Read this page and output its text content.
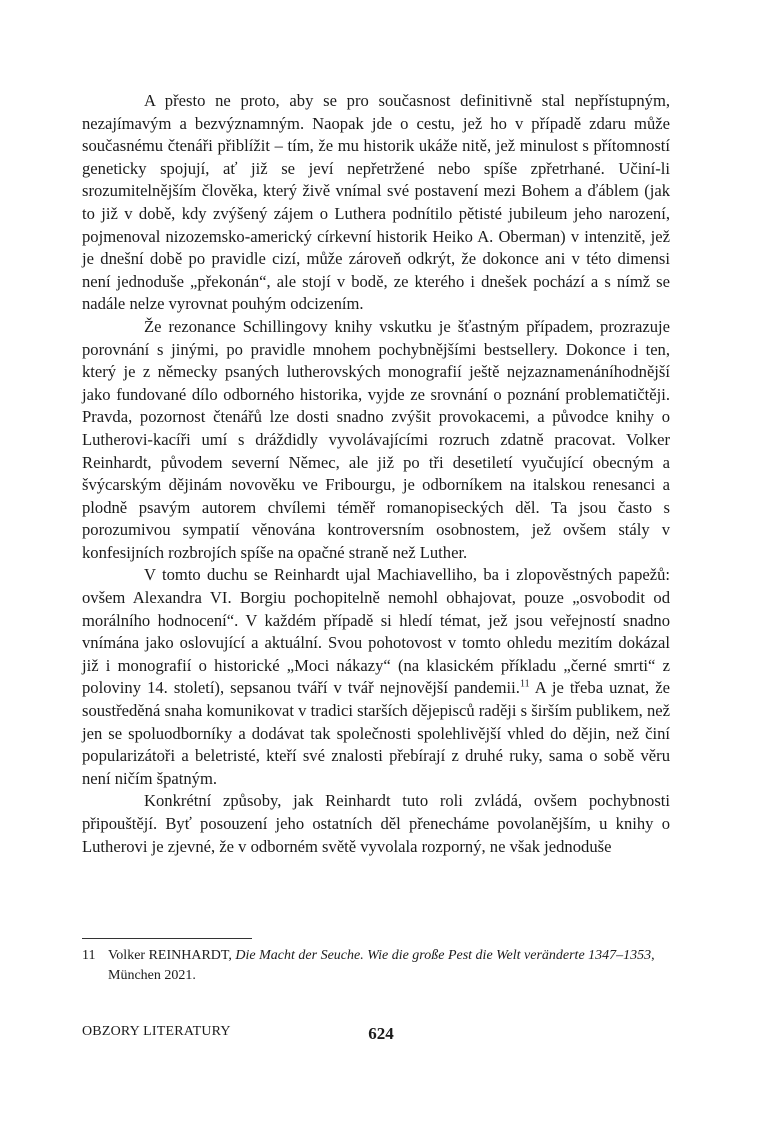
A přesto ne proto, aby se pro současnost definitivně stal nepřístupným, nezajímavým a bezvýznamným. Naopak jde o cestu, jež ho v případě zdaru může současnému čtenáři přiblížit – tím, že mu historik ukáže nitě, jež minulost s přítomností geneticky spojují, ať již se jeví nepřetržené nebo spíše zpřetrhané. Učiní-li srozumitelnějším člověka, který živě vnímal své postavení mezi Bohem a ďáblem (jak to již v době, kdy zvýšený zájem o Luthera podnítilo pětisté jubileum jeho narození, pojmenoval nizozemsko-americký církevní historik Heiko A. Oberman) v intenzitě, jež je dnešní době po pravidle cizí, může zároveň odkrýt, že dokonce ani v této dimensi není jednoduše „překonán“, ale stojí v bodě, ze kterého i dnešek pochází a s nímž se nadále nelze vyrovnat pouhým odcizením.

Že rezonance Schillingovy knihy vskutku je šťastným případem, prozrazuje porovnání s jinými, po pravidle mnohem pochybnějšími bestsellery. Dokonce i ten, který je z německy psaných lutherovských monografií ještě nejzaznamenáníhodnější jako fundované dílo odborného historika, vyjde ze srovnání o poznání problematičtěji. Pravda, pozornost čtenářů lze dosti snadno zvýšit provokacemi, a původce knihy o Lutherovi-kacíři umí s dráždidly vyvolávajícími rozruch zdatně pracovat. Volker Reinhardt, původem severní Němec, ale již po tři desetiletí vyučující obecným a švýcarským dějinám novověku ve Fribourgu, je odborníkem na italskou renesanci a plodně psavým autorem chvílemi téměř romanopiseckých děl. Ta jsou často s porozumivou sympatií věnována kontroversním osobnostem, jež ovšem stály v konfesijních rozbrojích spíše na opačné straně než Luther.

V tomto duchu se Reinhardt ujal Machiavelliho, ba i zlopověstných papežů: ovšem Alexandra VI. Borgiu pochopitelně nemohl obhajovat, pouze „osvobodit od morálního hodnocení“. V každém případě si hledí témat, jež jsou veřejností snadno vnímána jako oslovující a aktuální. Svou pohotovost v tomto ohledu mezitím dokázal již i monografií o historické „Moci nákazy“ (na klasickém příkladu „černé smrti“ z poloviny 14. století), sepsanou tváří v tvář nejnovější pandemii.$^{11}$ A je třeba uznat, že soustředěná snaha komunikovat v tradici starších dějepisců raději s širším publikem, než jen se spoluodborníky a dodávat tak společnosti spolehlivější vhled do dějin, než činí popularizátoři a beletristé, kteří své znalosti přebírají z druhé ruky, sama o sobě věru není ničím špatným.

Konkrétní způsoby, jak Reinhardt tuto roli zvládá, ovšem pochybnosti připouštějí. Byť posouzení jeho ostatních děl přenecháme povolanějším, u knihy o Lutherovi je zjevné, že v odborném světě vyvolala rozporný, ne však jednoduše

11 Volker REINHARDT, Die Macht der Seuche. Wie die große Pest die Welt veränderte 1347–1353, München 2021.
OBZORY LITERATURY	624
